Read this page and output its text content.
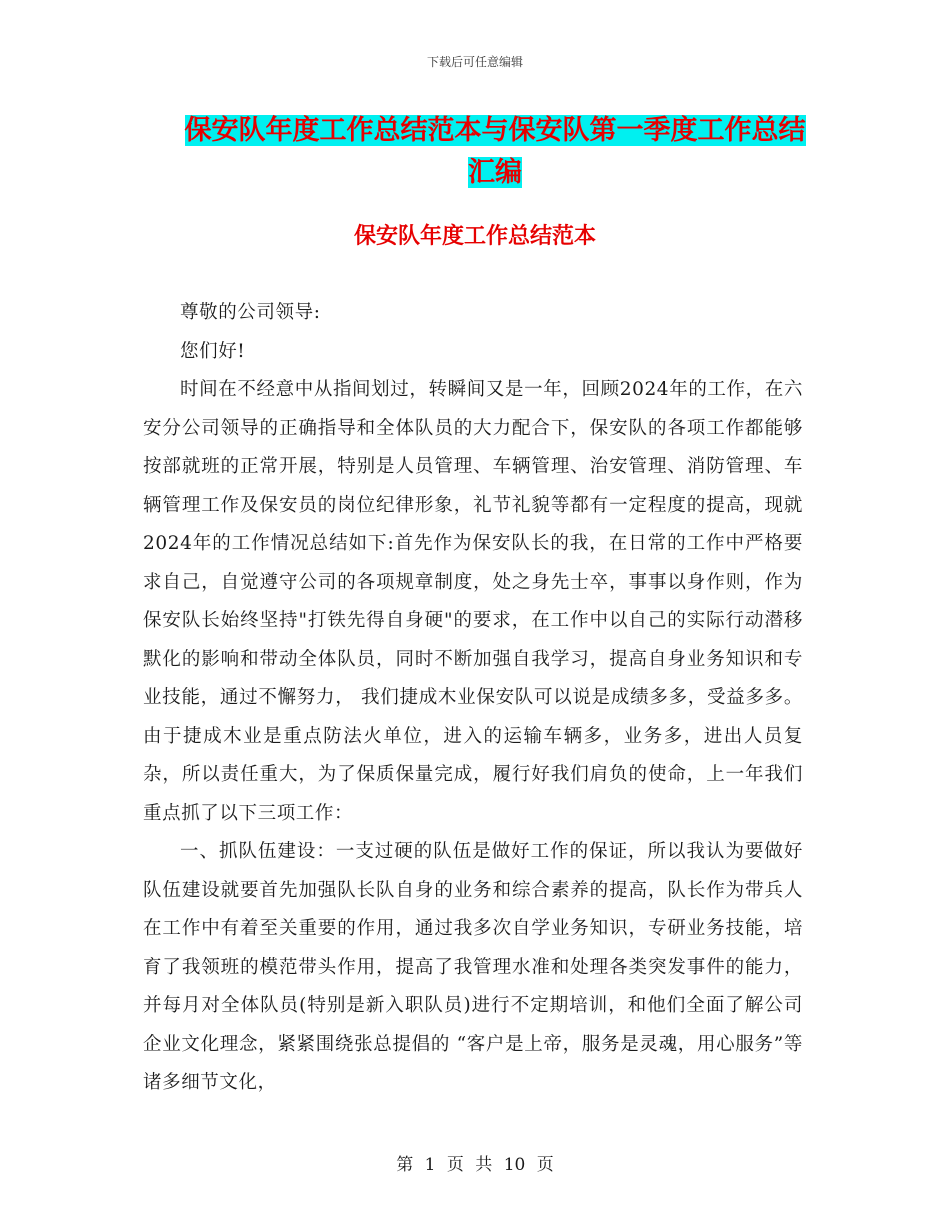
下载后可任意编辑
保安队年度工作总结范本与保安队第一季度工作总结汇编
保安队年度工作总结范本

尊敬的公司领导:

您们好!

时间在不经意中从指间划过，转瞬间又是一年，回顾2024年的工作，在六安分公司领导的正确指导和全体队员的大力配合下，保安队的各项工作都能够按部就班的正常开展，特别是人员管理、车辆管理、治安管理、消防管理、车辆管理工作及保安员的岗位纪律形象，礼节礼貌等都有一定程度的提高，现就2024年的工作情况总结如下:首先作为保安队长的我，在日常的工作中严格要求自己，自觉遵守公司的各项规章制度，处之身先士卒，事事以身作则，作为保安队长始终坚持"打铁先得自身硬"的要求，在工作中以自己的实际行动潜移默化的影响和带动全体队员，同时不断加强自我学习，提高自身业务知识和专业技能，通过不懈努力， 我们捷成木业保安队可以说是成绩多多，受益多多。由于捷成木业是重点防法火单位，进入的运输车辆多，业务多，进出人员复杂，所以责任重大，为了保质保量完成，履行好我们肩负的使命，上一年我们重点抓了以下三项工作：

一、抓队伍建设：一支过硬的队伍是做好工作的保证，所以我认为要做好队伍建设就要首先加强队长队自身的业务和综合素养的提高，队长作为带兵人在工作中有着至关重要的作用，通过我多次自学业务知识，专研业务技能，培育了我领班的模范带头作用，提高了我管理水准和处理各类突发事件的能力，并每月对全体队员(特别是新入职队员)进行不定期培训，和他们全面了解公司企业文化理念，紧紧围绕张总提倡的 “客户是上帝，服务是灵魂，用心服务”等诸多细节文化，

第 1 页 共 10 页
